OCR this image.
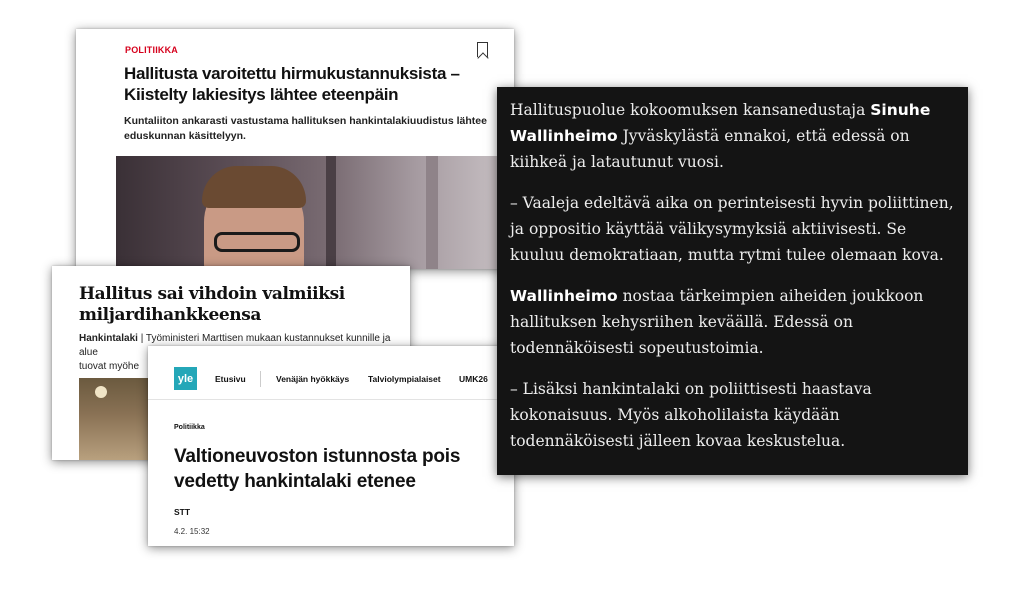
POLITIIKKA
Hallitusta varoitettu hirmukustannuksista – Kiistelty lakiesitys lähtee eteenpäin

Kuntaliiton ankarasti vastustama hallituksen hankintalakiuudistus lähtee eduskunnan käsittelyyn.

Hallitus sai vihdoin valmiiksi miljardihankkeensa

Hankintalaki | Työministeri Marttisen mukaan kustannukset kunnille ja alue
tuovat myöhe

yle	Etusivu	Venäjän hyökkäys Talviolympialaiset UMK26
Politiikka
Valtioneuvoston istunnosta pois
vedetty hankintalaki etenee
STT
4.2. 15:32

Hallituspuolue kokoomuksen kansanedustaja Sinuhe Wallinheimo Jyväskylästä ennakoi, että edessä on kiihkeä ja latautunut vuosi.

– Vaaleja edeltävä aika on perinteisesti hyvin poliittinen, ja oppositio käyttää välikysymyksiä aktiivisesti. Se kuuluu demokratiaan, mutta rytmi tulee olemaan kova.

Wallinheimo nostaa tärkeimpien aiheiden joukkoon hallituksen kehysriihen keväällä. Edessä on todennäköisesti sopeutustoimia.

– Lisäksi hankintalaki on poliittisesti haastava kokonaisuus. Myös alkoholilaista käydään todennäköisesti jälleen kovaa keskustelua.
